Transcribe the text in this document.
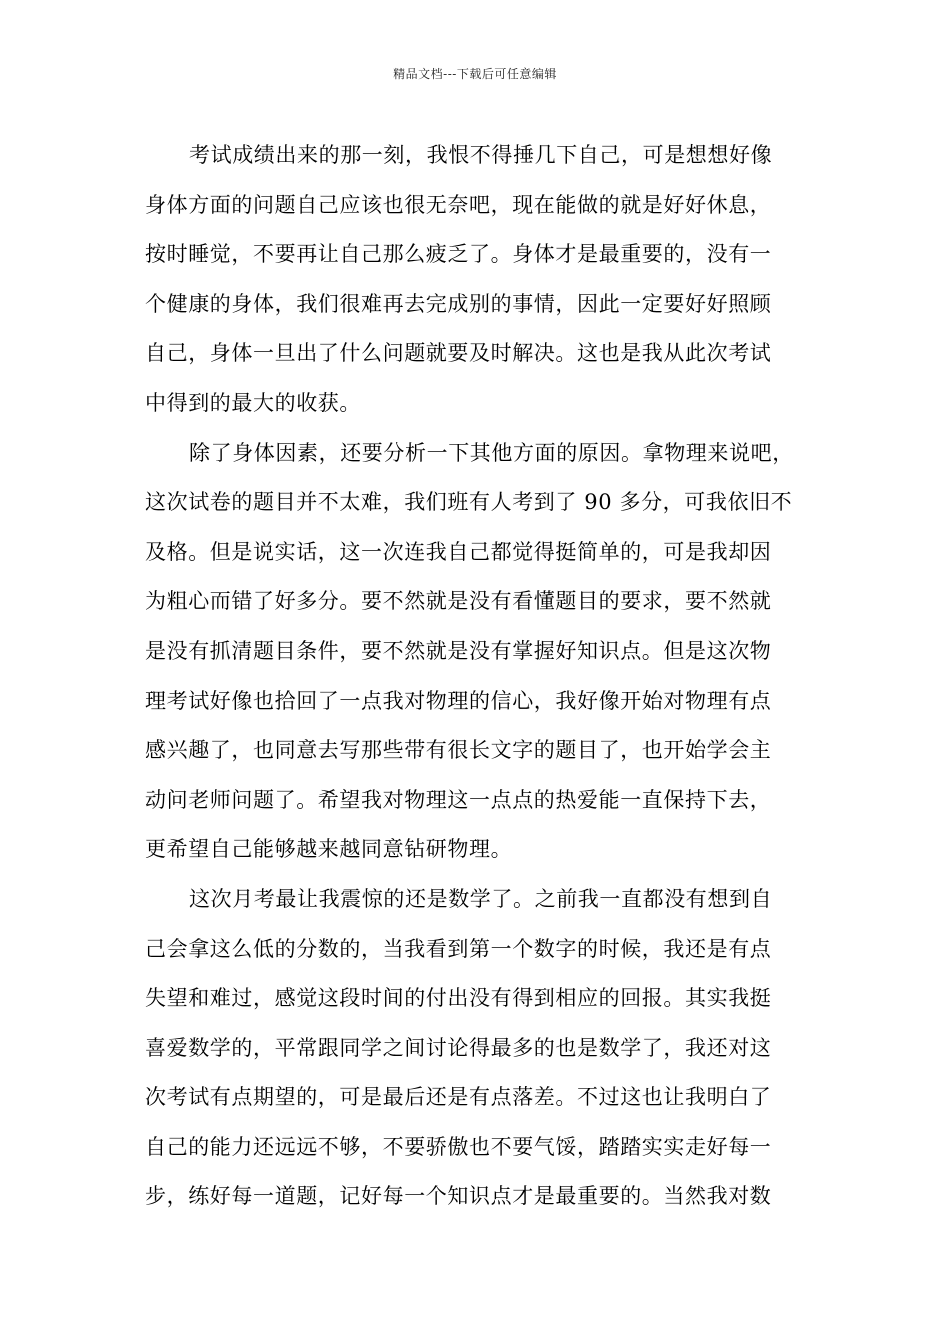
精品文档---下载后可任意编辑
考试成绩出来的那一刻，我恨不得捶几下自己，可是想想好像
身体方面的问题自己应该也很无奈吧，现在能做的就是好好休息，
按时睡觉，不要再让自己那么疲乏了。身体才是最重要的，没有一
个健康的身体，我们很难再去完成别的事情，因此一定要好好照顾
自己，身体一旦出了什么问题就要及时解决。这也是我从此次考试
中得到的最大的收获。
除了身体因素，还要分析一下其他方面的原因。拿物理来说吧，
这次试卷的题目并不太难，我们班有人考到了 90 多分，可我依旧不
及格。但是说实话，这一次连我自己都觉得挺简单的，可是我却因
为粗心而错了好多分。要不然就是没有看懂题目的要求，要不然就
是没有抓清题目条件，要不然就是没有掌握好知识点。但是这次物
理考试好像也拾回了一点我对物理的信心，我好像开始对物理有点
感兴趣了，也同意去写那些带有很长文字的题目了，也开始学会主
动问老师问题了。希望我对物理这一点点的热爱能一直保持下去，
更希望自己能够越来越同意钻研物理。
这次月考最让我震惊的还是数学了。之前我一直都没有想到自
己会拿这么低的分数的，当我看到第一个数字的时候，我还是有点
失望和难过，感觉这段时间的付出没有得到相应的回报。其实我挺
喜爱数学的，平常跟同学之间讨论得最多的也是数学了，我还对这
次考试有点期望的，可是最后还是有点落差。不过这也让我明白了
自己的能力还远远不够，不要骄傲也不要气馁，踏踏实实走好每一
步，练好每一道题，记好每一个知识点才是最重要的。当然我对数
